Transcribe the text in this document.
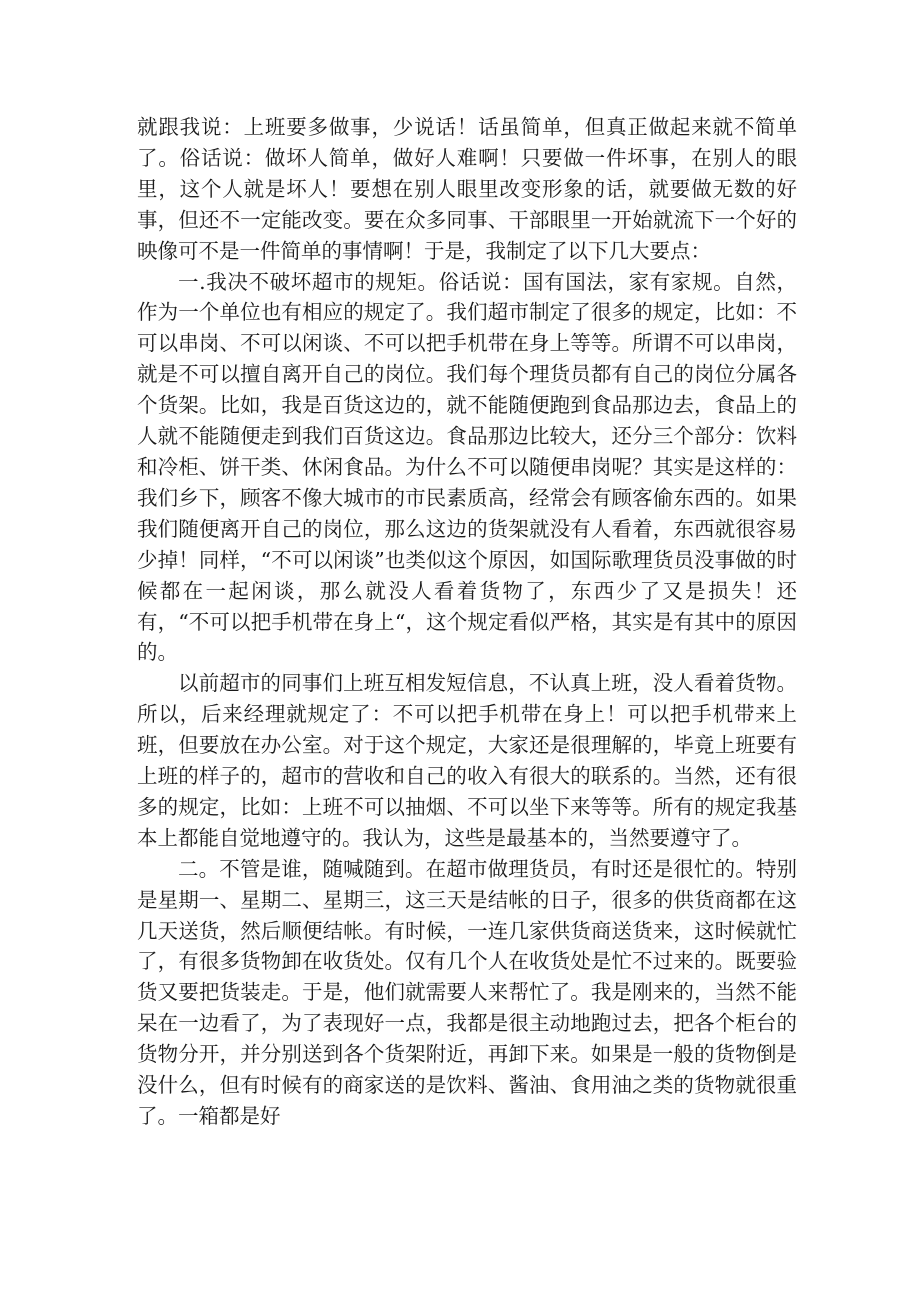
就跟我说：上班要多做事，少说话！话虽简单，但真正做起来就不简单了。俗话说：做坏人简单，做好人难啊！只要做一件坏事，在别人的眼里，这个人就是坏人！要想在别人眼里改变形象的话，就要做无数的好事，但还不一定能改变。要在众多同事、干部眼里一开始就流下一个好的映像可不是一件简单的事情啊！于是，我制定了以下几大要点：

一.我决不破坏超市的规矩。俗话说：国有国法，家有家规。自然，作为一个单位也有相应的规定了。我们超市制定了很多的规定，比如：不可以串岗、不可以闲谈、不可以把手机带在身上等等。所谓不可以串岗，就是不可以擅自离开自己的岗位。我们每个理货员都有自己的岗位分属各个货架。比如，我是百货这边的，就不能随便跑到食品那边去，食品上的人就不能随便走到我们百货这边。食品那边比较大，还分三个部分：饮料和冷柜、饼干类、休闲食品。为什么不可以随便串岗呢？其实是这样的：我们乡下，顾客不像大城市的市民素质高，经常会有顾客偷东西的。如果我们随便离开自己的岗位，那么这边的货架就没有人看着，东西就很容易少掉！同样，“不可以闲谈”也类似这个原因，如国际歌理货员没事做的时候都在一起闲谈，那么就没人看着货物了，东西少了又是损失！还有，“不可以把手机带在身上“，这个规定看似严格，其实是有其中的原因的。

以前超市的同事们上班互相发短信息，不认真上班，没人看着货物。所以，后来经理就规定了：不可以把手机带在身上！可以把手机带来上班，但要放在办公室。对于这个规定，大家还是很理解的，毕竟上班要有上班的样子的，超市的营收和自己的收入有很大的联系的。当然，还有很多的规定，比如：上班不可以抽烟、不可以坐下来等等。所有的规定我基本上都能自觉地遵守的。我认为，这些是最基本的，当然要遵守了。

二。不管是谁，随喊随到。在超市做理货员，有时还是很忙的。特别是星期一、星期二、星期三，这三天是结帐的日子，很多的供货商都在这几天送货，然后顺便结帐。有时候，一连几家供货商送货来，这时候就忙了，有很多货物卸在收货处。仅有几个人在收货处是忙不过来的。既要验货又要把货装走。于是，他们就需要人来帮忙了。我是刚来的，当然不能呆在一边看了，为了表现好一点，我都是很主动地跑过去，把各个柜台的货物分开，并分别送到各个货架附近，再卸下来。如果是一般的货物倒是没什么，但有时候有的商家送的是饮料、酱油、食用油之类的货物就很重了。一箱都是好
